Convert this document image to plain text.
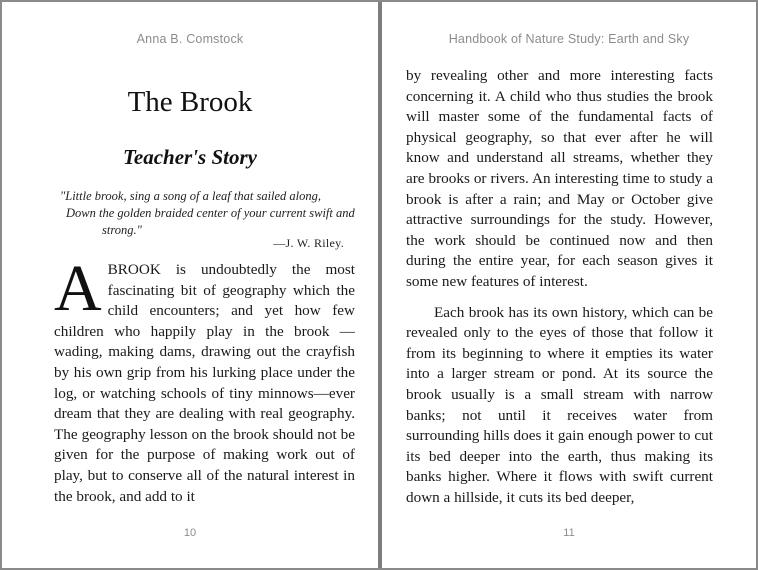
Anna B. Comstock
The Brook
Teacher's Story
"Little brook, sing a song of a leaf that sailed along,
Down the golden braided center of your current swift and
strong."
—J. W. Riley.
A BROOK is undoubtedly the most fascinating bit of geography which the child encounters; and yet how few children who happily play in the brook —wading, making dams, drawing out the crayfish by his own grip from his lurking place under the log, or watching schools of tiny minnows—ever dream that they are dealing with real geography. The geography lesson on the brook should not be given for the purpose of making work out of play, but to conserve all of the natural interest in the brook, and add to it
10
Handbook of Nature Study: Earth and Sky

by revealing other and more interesting facts concerning it. A child who thus studies the brook will master some of the fundamental facts of physical geography, so that ever after he will know and understand all streams, whether they are brooks or rivers. An interesting time to study a brook is after a rain; and May or October give attractive surroundings for the study. However, the work should be continued now and then during the entire year, for each season gives it some new features of interest.

Each brook has its own history, which can be revealed only to the eyes of those that follow it from its beginning to where it empties its water into a larger stream or pond. At its source the brook usually is a small stream with narrow banks; not until it receives water from surrounding hills does it gain enough power to cut its bed deeper into the earth, thus making its banks higher. Where it flows with swift current down a hillside, it cuts its bed deeper,

11
